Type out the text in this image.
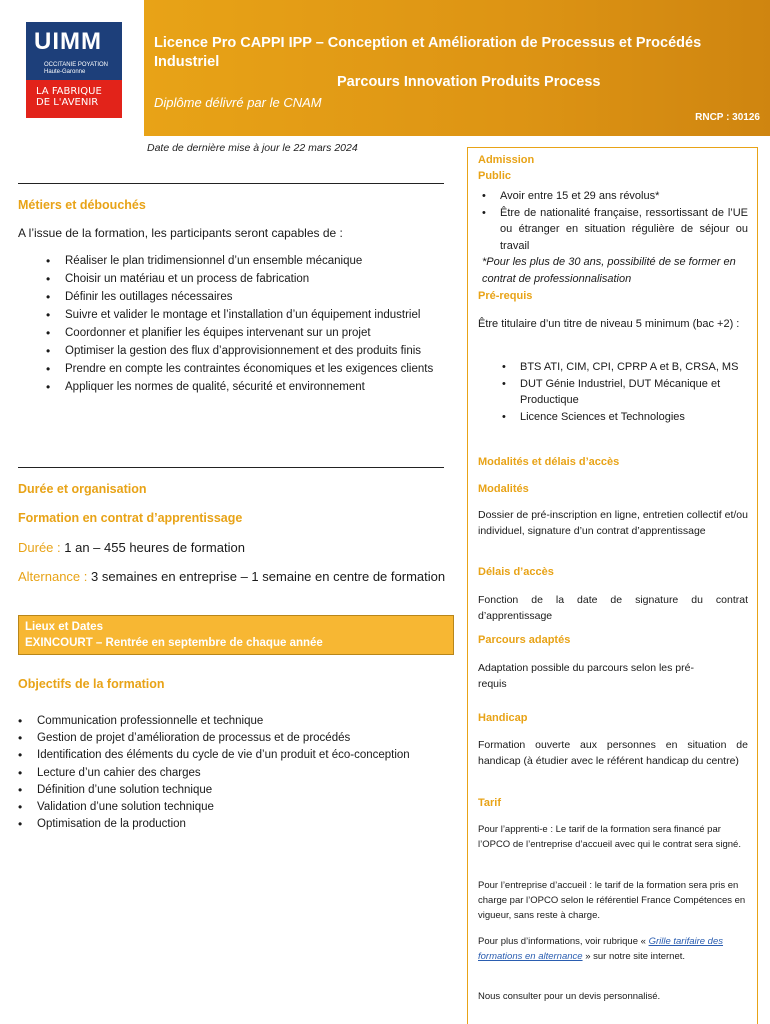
UIMM
OCCITANIE POYATION
Haute-Garonne
LA FABRIQUE
DE L'AVENIR
Licence Pro CAPPI IPP – Conception et Amélioration de Processus et Procédés Industriel
Parcours Innovation Produits Process
Diplôme délivré par le CNAM
RNCP : 30126
Date de dernière mise à jour le 22 mars 2024
Métiers et débouchés
A l’issue de la formation, les participants seront capables de :
• Réaliser le plan tridimensionnel d’un ensemble mécanique
• Choisir un matériau et un process de fabrication
• Définir les outillages nécessaires
• Suivre et valider le montage et l’installation d’un équipement industriel
• Coordonner et planifier les équipes intervenant sur un projet
• Optimiser la gestion des flux d’approvisionnement et des produits finis
• Prendre en compte les contraintes économiques et les exigences clients
• Appliquer les normes de qualité, sécurité et environnement
Durée et organisation
Formation en contrat d’apprentissage
Durée : 1 an – 455 heures de formation
Alternance : 3 semaines en entreprise – 1 semaine en centre de formation
Lieux et Dates
EXINCOURT – Rentrée en septembre de chaque année
Objectifs de la formation
• Communication professionnelle et technique
• Gestion de projet d’amélioration de processus et de procédés
• Identification des éléments du cycle de vie d’un produit et éco-conception
• Lecture d’un cahier des charges
• Définition d’une solution technique
• Validation d’une solution technique
• Optimisation de la production
Admission
Public
• Avoir entre 15 et 29 ans révolus*
• Être de nationalité française, ressortissant de l’UE ou étranger en situation régulière de séjour ou travail
*Pour les plus de 30 ans, possibilité de se former en contrat de professionnalisation
Pré-requis
Être titulaire d’un titre de niveau 5 minimum (bac +2) :
• BTS ATI, CIM, CPI, CPRP A et B, CRSA, MS
• DUT Génie Industriel, DUT Mécanique et Productique
• Licence Sciences et Technologies
Modalités et délais d’accès
Modalités
Dossier de pré-inscription en ligne, entretien collectif et/ou individuel, signature d’un contrat d’apprentissage
Délais d’accès
Fonction de la date de signature du contrat d’apprentissage
Parcours adaptés
Adaptation possible du parcours selon les pré-requis
Handicap
Formation ouverte aux personnes en situation de handicap (à étudier avec le référent handicap du centre)
Tarif
Pour l’apprenti-e : Le tarif de la formation sera financé par l’OPCO de l’entreprise d’accueil avec qui le contrat sera signé.
Pour l’entreprise d’accueil : le tarif de la formation sera pris en charge par l’OPCO selon le référentiel France Compétences en vigueur, sans reste à charge.
Pour plus d’informations, voir rubrique « Grille tarifaire des formations en alternance » sur notre site internet.
Nous consulter pour un devis personnalisé.
